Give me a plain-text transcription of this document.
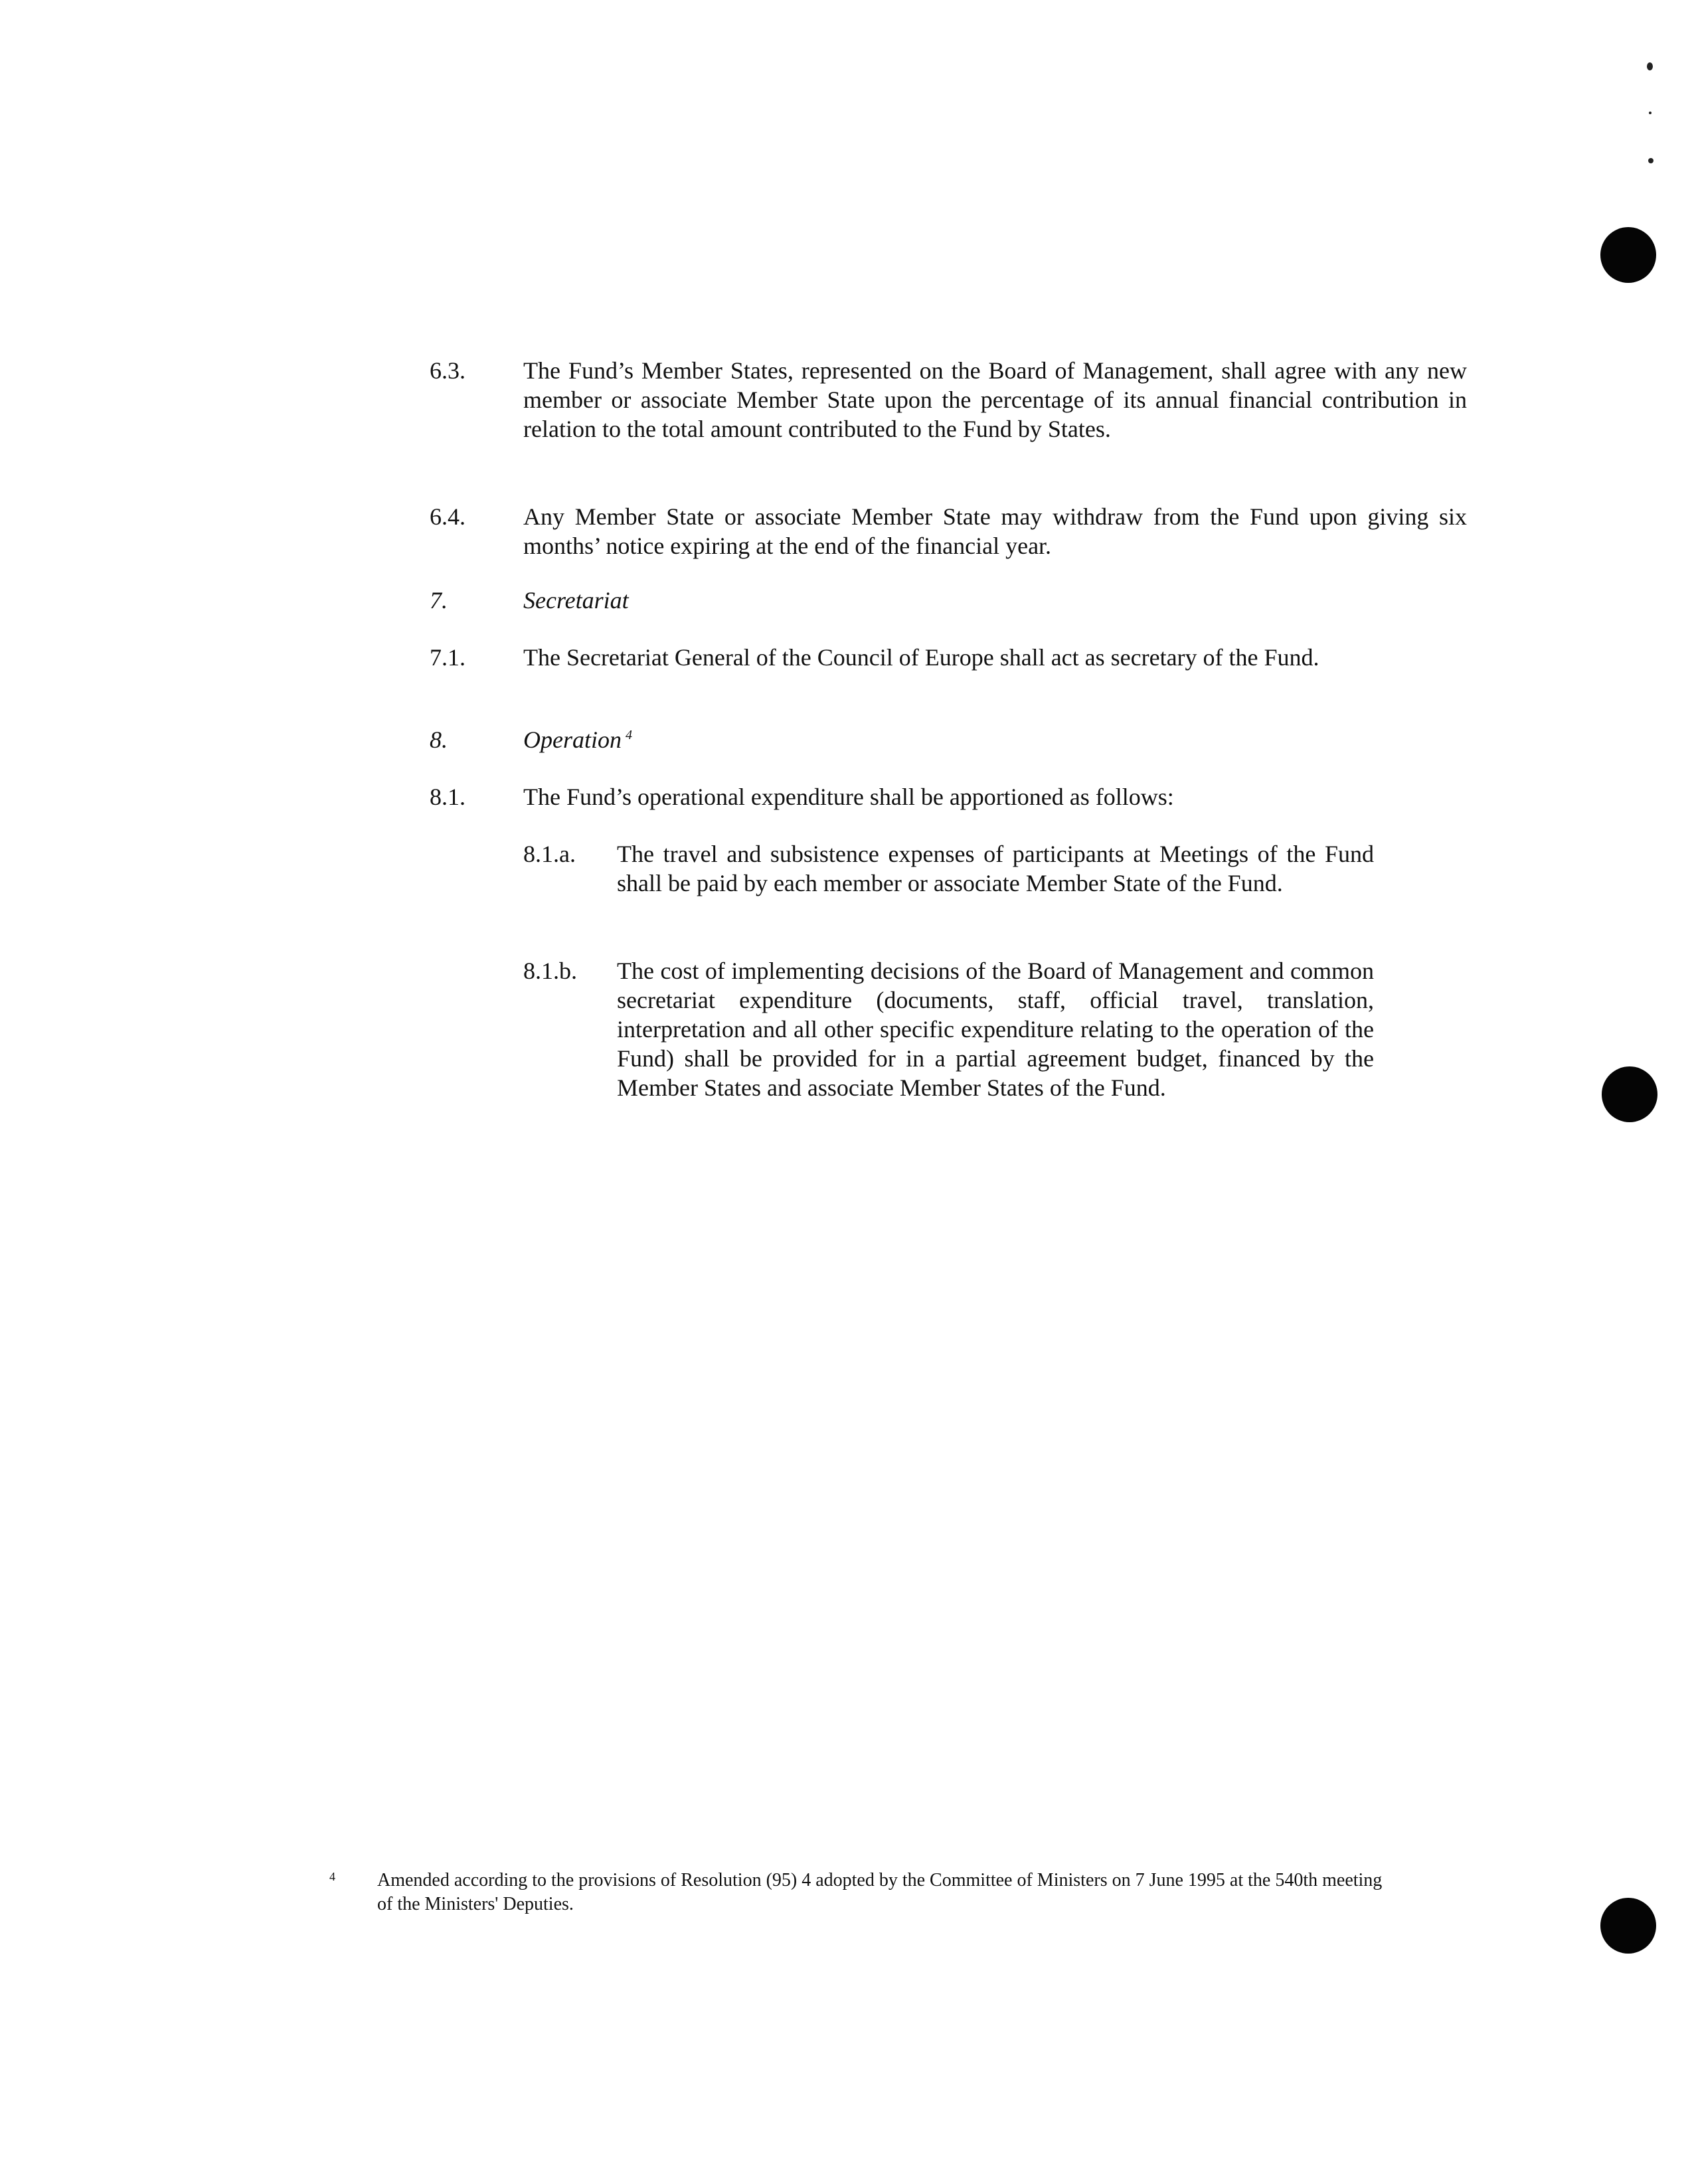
6.3.	The Fund’s Member States, represented on the Board of Management, shall agree with any new member or associate Member State upon the percentage of its annual financial contribution in relation to the total amount contributed to the Fund by States.
6.4.	Any Member State or associate Member State may withdraw from the Fund upon giving six months’ notice expiring at the end of the financial year.
7.	Secretariat
7.1.	The Secretariat General of the Council of Europe shall act as secretary of the Fund.
8.	Operation $^4$
8.1.	The Fund’s operational expenditure shall be apportioned as follows:
8.1.a.	The travel and subsistence expenses of participants at Meetings of the Fund shall be paid by each member or associate Member State of the Fund.
8.1.b.	The cost of implementing decisions of the Board of Management and common secretariat expenditure (documents, staff, official travel, translation, interpretation and all other specific expenditure relating to the operation of the Fund) shall be provided for in a partial agreement budget, financed by the Member States and associate Member States of the Fund.
4 Amended according to the provisions of Resolution (95) 4 adopted by the Committee of Ministers on 7 June 1995 at the 540th meeting of the Ministers' Deputies.
